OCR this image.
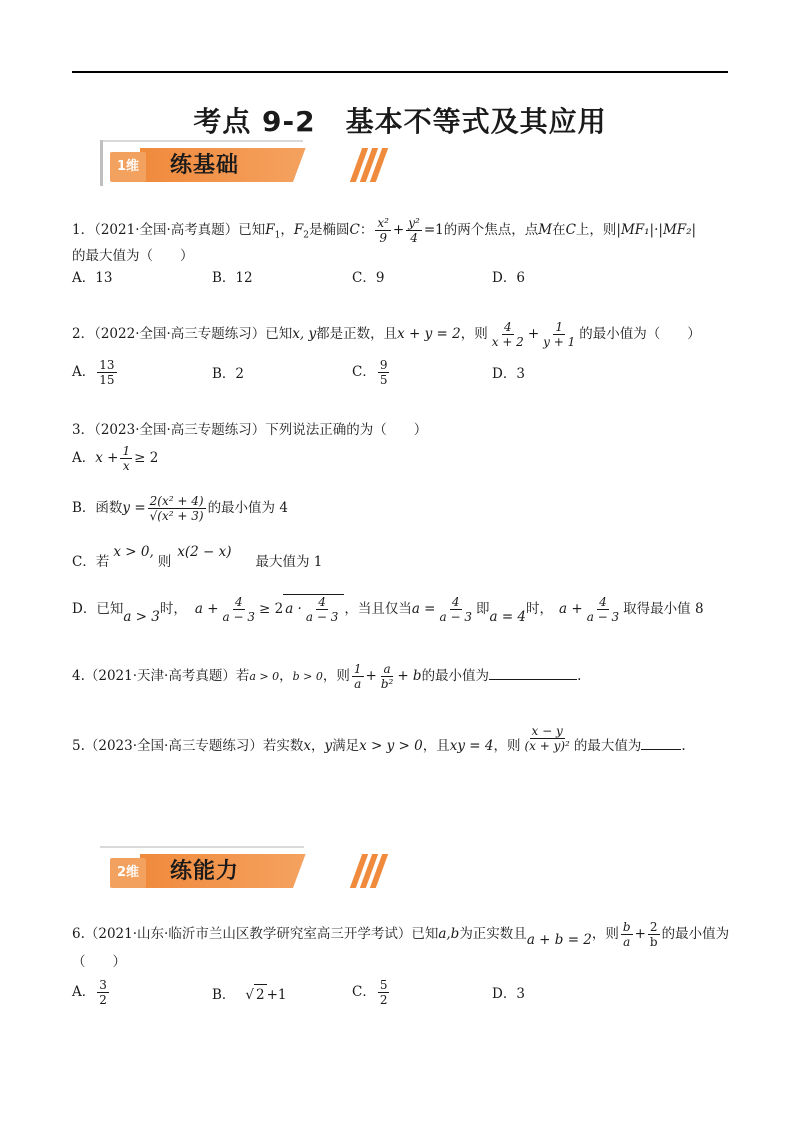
考点 9-2 基本不等式及其应用
1维	练基础
1．（2021·全国·高考真题）已知$F_1$，$F_2$是椭圆C： $\frac{\text{x²}}{9} + \frac{\text{y²}}{4} =1$的两个焦点，点M在C上，则|MF₁|·|MF₂|
的最大值为（　　）
A．13	B．12	C．9	D．6
2．（2022·全国·高三专题练习）已知x, y都是正数，且x + y = 2，则 $\frac{4}{x + 2} + \frac{1}{y + 1}$ 的最小值为（　　）
A． $\frac{13}{15}$	B．2	C． $\frac{9}{5}$	D．3
3．（2023·全国·高三专题练习）下列说法正确的为（　　）
A．$x + \frac{1}{x} \ge 2$
B．函数$y = \frac{\text{2(x² + 4)}}{\text{√(x² + 3)}}$ 的最小值为 4
C．若x > 0,则x(2 − x)最大值为 1
D．已知a > 3时， $a + \frac{4}{a - 3} \ge 2$ $a \cdot \frac{4}{a - 3}$ ，当且仅当$a = \frac{4}{a - 3}$ 即a = 4时， $a + \frac{4}{a - 3}$ 取得最小值 8
4.（2021·天津·高考真题）若a > 0，b > 0，则 $\frac{1}{a} + \frac{a}{\text{b²}} + b$的最小值为	.
5.（2023·全国·高三专题练习）若实数x，y满足x > y > 0，且xy = 4，则 $\frac{x - y}{\text{(x + y)²}}$ 的最大值为	.
2维	练能力
6.（2021·山东·临沂市兰山区教学研究室高三开学考试）已知a,b为正实数且a + b = 2，则 $\frac{b}{a} + \frac{2}{b}$ 的最小值为
（　　）
A． $\frac{3}{2}$	B． √ 2 +1	C． $\frac{5}{2}$	D．3
